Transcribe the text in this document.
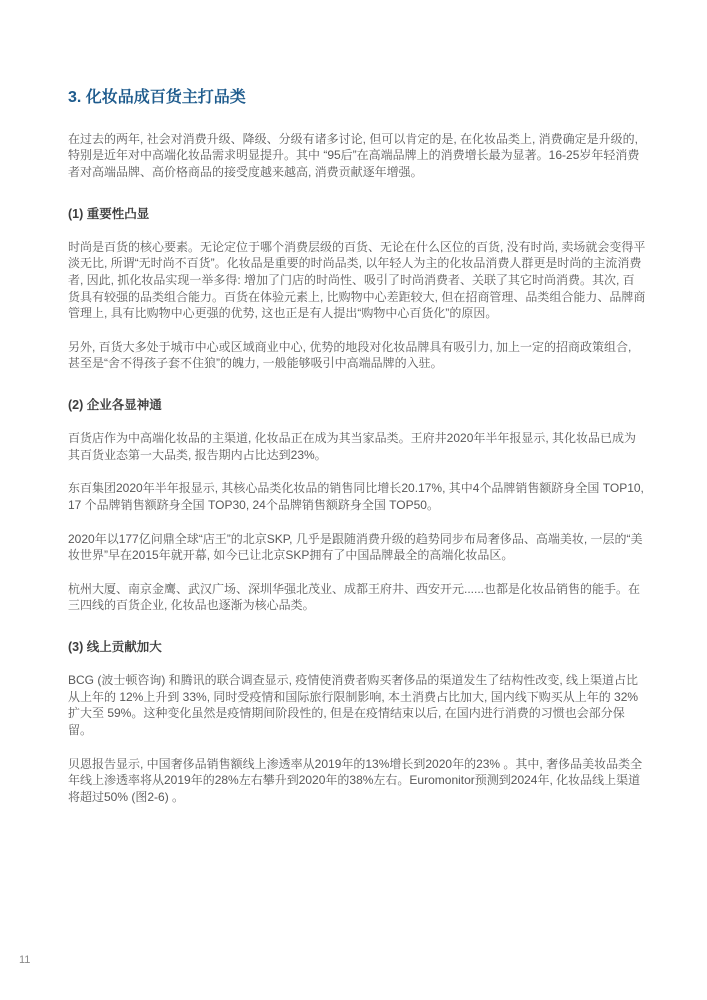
3. 化妆品成百货主打品类

在过去的两年, 社会对消费升级、降级、分级有诸多讨论, 但可以肯定的是, 在化妆品类上, 消费确定是升级的, 特别是近年对中高端化妆品需求明显提升。其中 “95后”在高端品牌上的消费增长最为显著。16-25岁年轻消费者对高端品牌、高价格商品的接受度越来越高, 消费贡献逐年增强。

(1) 重要性凸显

时尚是百货的核心要素。无论定位于哪个消费层级的百货、无论在什么区位的百货, 没有时尚, 卖场就会变得平淡无比, 所谓“无时尚不百货”。化妆品是重要的时尚品类, 以年轻人为主的化妆品消费人群更是时尚的主流消费者, 因此, 抓化妆品实现一举多得: 增加了门店的时尚性、吸引了时尚消费者、关联了其它时尚消费。其次, 百货具有较强的品类组合能力。百货在体验元素上, 比购物中心差距较大, 但在招商管理、品类组合能力、品牌商管理上, 具有比购物中心更强的优势, 这也正是有人提出“购物中心百货化”的原因。

另外, 百货大多处于城市中心或区域商业中心, 优势的地段对化妆品牌具有吸引力, 加上一定的招商政策组合, 甚至是“舍不得孩子套不住狼”的魄力, 一般能够吸引中高端品牌的入驻。

(2) 企业各显神通

百货店作为中高端化妆品的主渠道, 化妆品正在成为其当家品类。王府井2020年半年报显示, 其化妆品已成为其百货业态第一大品类, 报告期内占比达到23%。

东百集团2020年半年报显示, 其核心品类化妆品的销售同比增长20.17%, 其中4个品牌销售额跻身全国 TOP10,   17 个品牌销售额跻身全国 TOP30, 24个品牌销售额跻身全国 TOP50。

2020年以177亿问鼎全球“店王”的北京SKP, 几乎是跟随消费升级的趋势同步布局奢侈品、高端美妆, 一层的“美妆世界”早在2015年就开幕, 如今已让北京SKP拥有了中国品牌最全的高端化妆品区。

杭州大厦、南京金鹰、武汉广场、深圳华强北茂业、成都王府井、西安开元......也都是化妆品销售的能手。在三四线的百货企业, 化妆品也逐渐为核心品类。

(3) 线上贡献加大

BCG (波士顿咨询) 和腾讯的联合调查显示, 疫情使消费者购买奢侈品的渠道发生了结构性改变, 线上渠道占比从上年的 12%上升到 33%, 同时受疫情和国际旅行限制影响, 本土消费占比加大, 国内线下购买从上年的 32%扩大至 59%。这种变化虽然是疫情期间阶段性的, 但是在疫情结束以后, 在国内进行消费的习惯也会部分保留。

贝恩报告显示, 中国奢侈品销售额线上渗透率从2019年的13%增长到2020年的23% 。其中, 奢侈品美妆品类全年线上渗透率将从2019年的28%左右攀升到2020年的38%左右。Euromonitor预测到2024年, 化妆品线上渠道将超过50% (图2-6) 。

11
